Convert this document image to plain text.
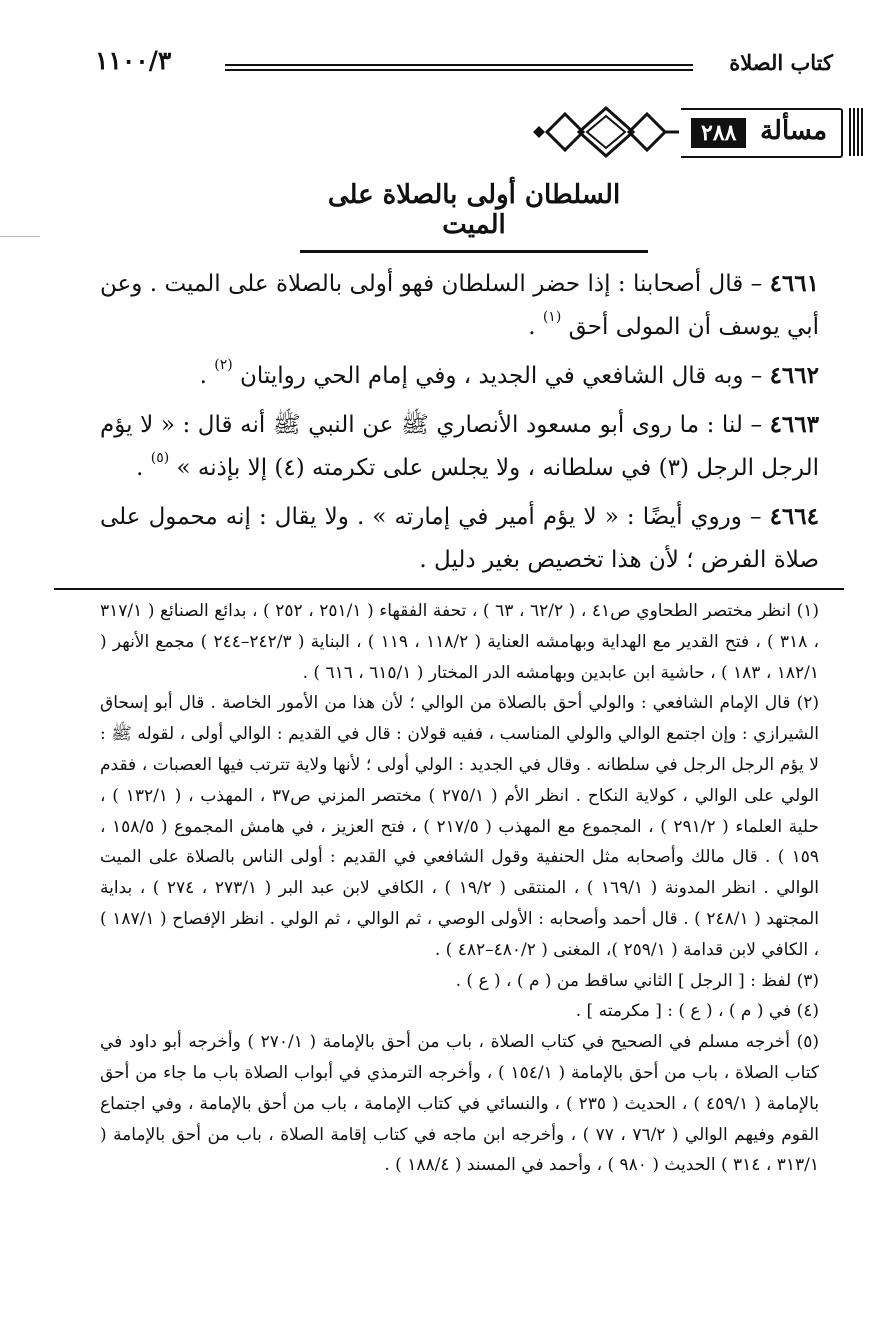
كتاب الصلاة
١١٠٠/٣
مسألة
٢٨٨
السلطان أولى بالصلاة على الميت

٤٦٦١ – قال أصحابنا : إذا حضر السلطان فهو أولى بالصلاة على الميت . وعن أبي يوسف أن المولى أحق $^{(١)}$ .

٤٦٦٢ – وبه قال الشافعي في الجديد ، وفي إمام الحي روايتان $^{(٢)}$ .

٤٦٦٣ – لنا : ما روى أبو مسعود الأنصاري ﷺ عن النبي ﷺ أنه قال : « لا يؤم الرجل الرجل (٣) في سلطانه ، ولا يجلس على تكرمته (٤) إلا بإذنه » $^{(٥)}$ .

٤٦٦٤ – وروي أيضًا : « لا يؤم أمير في إمارته » . ولا يقال : إنه محمول على صلاة الفرض ؛ لأن هذا تخصيص بغير دليل .

(١) انظر مختصر الطحاوي ص٤١ ، ( ٦٢/٢ ، ٦٣ ) ، تحفة الفقهاء ( ٢٥١/١ ، ٢٥٢ ) ، بدائع الصنائع ( ٣١٧/١ ، ٣١٨ ) ، فتح القدير مع الهداية وبهامشه العناية ( ١١٨/٢ ، ١١٩ ) ، البناية ( ٢٤٢/٣–٢٤٤ ) مجمع الأنهر ( ١٨٢/١ ، ١٨٣ ) ، حاشية ابن عابدين وبهامشه الدر المختار ( ٦١٥/١ ، ٦١٦ ) .

(٢) قال الإمام الشافعي : والولي أحق بالصلاة من الوالي ؛ لأن هذا من الأمور الخاصة . قال أبو إسحاق الشيرازي : وإن اجتمع الوالي والولي المناسب ، ففيه قولان : قال في القديم : الوالي أولى ، لقوله ﷺ : لا يؤم الرجل الرجل في سلطانه . وقال في الجديد : الولي أولى ؛ لأنها ولاية تترتب فيها العصبات ، فقدم الولي على الوالي ، كولاية النكاح . انظر الأم ( ٢٧٥/١ ) مختصر المزني ص٣٧ ، المهذب ، ( ١٣٢/١ ) ، حلية العلماء ( ٢٩١/٢ ) ، المجموع مع المهذب ( ٢١٧/٥ ) ، فتح العزيز ، في هامش المجموع ( ١٥٨/٥ ، ١٥٩ ) . قال مالك وأصحابه مثل الحنفية وقول الشافعي في القديم : أولى الناس بالصلاة على الميت الوالي . انظر المدونة ( ١٦٩/١ ) ، المنتقى ( ١٩/٢ ) ، الكافي لابن عبد البر ( ٢٧٣/١ ، ٢٧٤ ) ، بداية المجتهد ( ٢٤٨/١ ) . قال أحمد وأصحابه : الأولى الوصي ، ثم الوالي ، ثم الولي . انظر الإفصاح ( ١٨٧/١ ) ، الكافي لابن قدامة ( ٢٥٩/١ )، المغنى ( ٤٨٠/٢–٤٨٢ ) .

(٣) لفظ : [ الرجل ] الثاني ساقط من ( م ) ، ( ع ) .

(٤) في ( م ) ، ( ع ) : [ مكرمته ] .

(٥) أخرجه مسلم في الصحيح في كتاب الصلاة ، باب من أحق بالإمامة ( ٢٧٠/١ ) وأخرجه أبو داود في كتاب الصلاة ، باب من أحق بالإمامة ( ١٥٤/١ ) ، وأخرجه الترمذي في أبواب الصلاة باب ما جاء من أحق بالإمامة ( ٤٥٩/١ ) ، الحديث ( ٢٣٥ ) ، والنسائي في كتاب الإمامة ، باب من أحق بالإمامة ، وفي اجتماع القوم وفيهم الوالي ( ٧٦/٢ ، ٧٧ ) ، وأخرجه ابن ماجه في كتاب إقامة الصلاة ، باب من أحق بالإمامة ( ٣١٣/١ ، ٣١٤ ) الحديث ( ٩٨٠ ) ، وأحمد في المسند ( ١٨٨/٤ ) .
